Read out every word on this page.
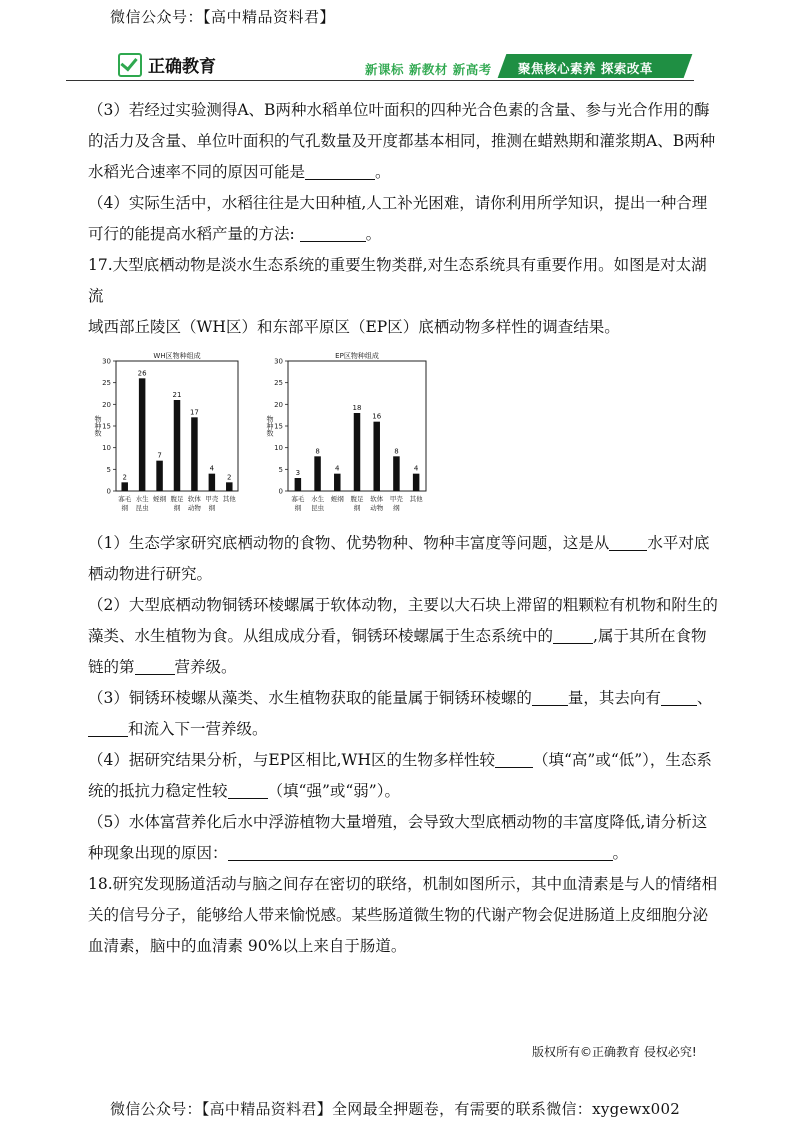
微信公众号：【高中精品资料君】
正确教育	新课标 新教材 新高考 聚焦核心素养 探索改革

（3）若经过实验测得A、B两种水稻单位叶面积的四种光合色素的含量、参与光合作用的酶

的活力及含量、单位叶面积的气孔数量及开度都基本相同，推测在蜡熟期和灌浆期A、B两种

水稻光合速率不同的原因可能是	。

（4）实际生活中，水稻往往是大田种植,人工补光困难，请你利用所学知识，提出一种合理

可行的能提高水稻产量的方法:	。

17.大型底栖动物是淡水生态系统的重要生物类群,对生态系统具有重要作用。如图是对太湖流

域西部丘陵区（WH区）和东部平原区（EP区）底栖动物多样性的调查结果。

WH区物种组成
0
5
10
15
20
25
30
物种数
2
寡毛
纲
26
水生
昆虫
7
蛭纲
21
腹足
纲
17
软体
动物
4
甲壳
纲
2
其他
EP区物种组成
0
5
10
15
20
25
30
物种数
3
寡毛
纲
8
水生
昆虫
4
蛭纲
18
腹足
纲
16
软体
动物
8
甲壳
纲
4
其他

（1）生态学家研究底栖动物的食物、优势物种、物种丰富度等问题，这是从 水平对底

栖动物进行研究。

（2）大型底栖动物铜锈环棱螺属于软体动物，主要以大石块上滞留的粗颗粒有机物和附生的

藻类、水生植物为食。从组成成分看，铜锈环棱螺属于生态系统中的	,属于其所在食物

链的第	营养级。

（3）铜锈环棱螺从藻类、水生植物获取的能量属于铜锈环棱螺的 量，其去向有 、

和流入下一营养级。

（4）据研究结果分析，与EP区相比,WH区的生物多样性较 （填“高”或“低”），生态系

统的抵抗力稳定性较	（填“强”或“弱”）。

（5）水体富营养化后水中浮游植物大量增殖，会导致大型底栖动物的丰富度降低,请分析这

种现象出现的原因：	。

18.研究发现肠道活动与脑之间存在密切的联络，机制如图所示，其中血清素是与人的情绪相

关的信号分子，能够给人带来愉悦感。某些肠道微生物的代谢产物会促进肠道上皮细胞分泌

血清素，脑中的血清素 90%以上来自于肠道。

版权所有©正确教育 侵权必究!
微信公众号：【高中精品资料君】全网最全押题卷，有需要的联系微信：xygewx002
